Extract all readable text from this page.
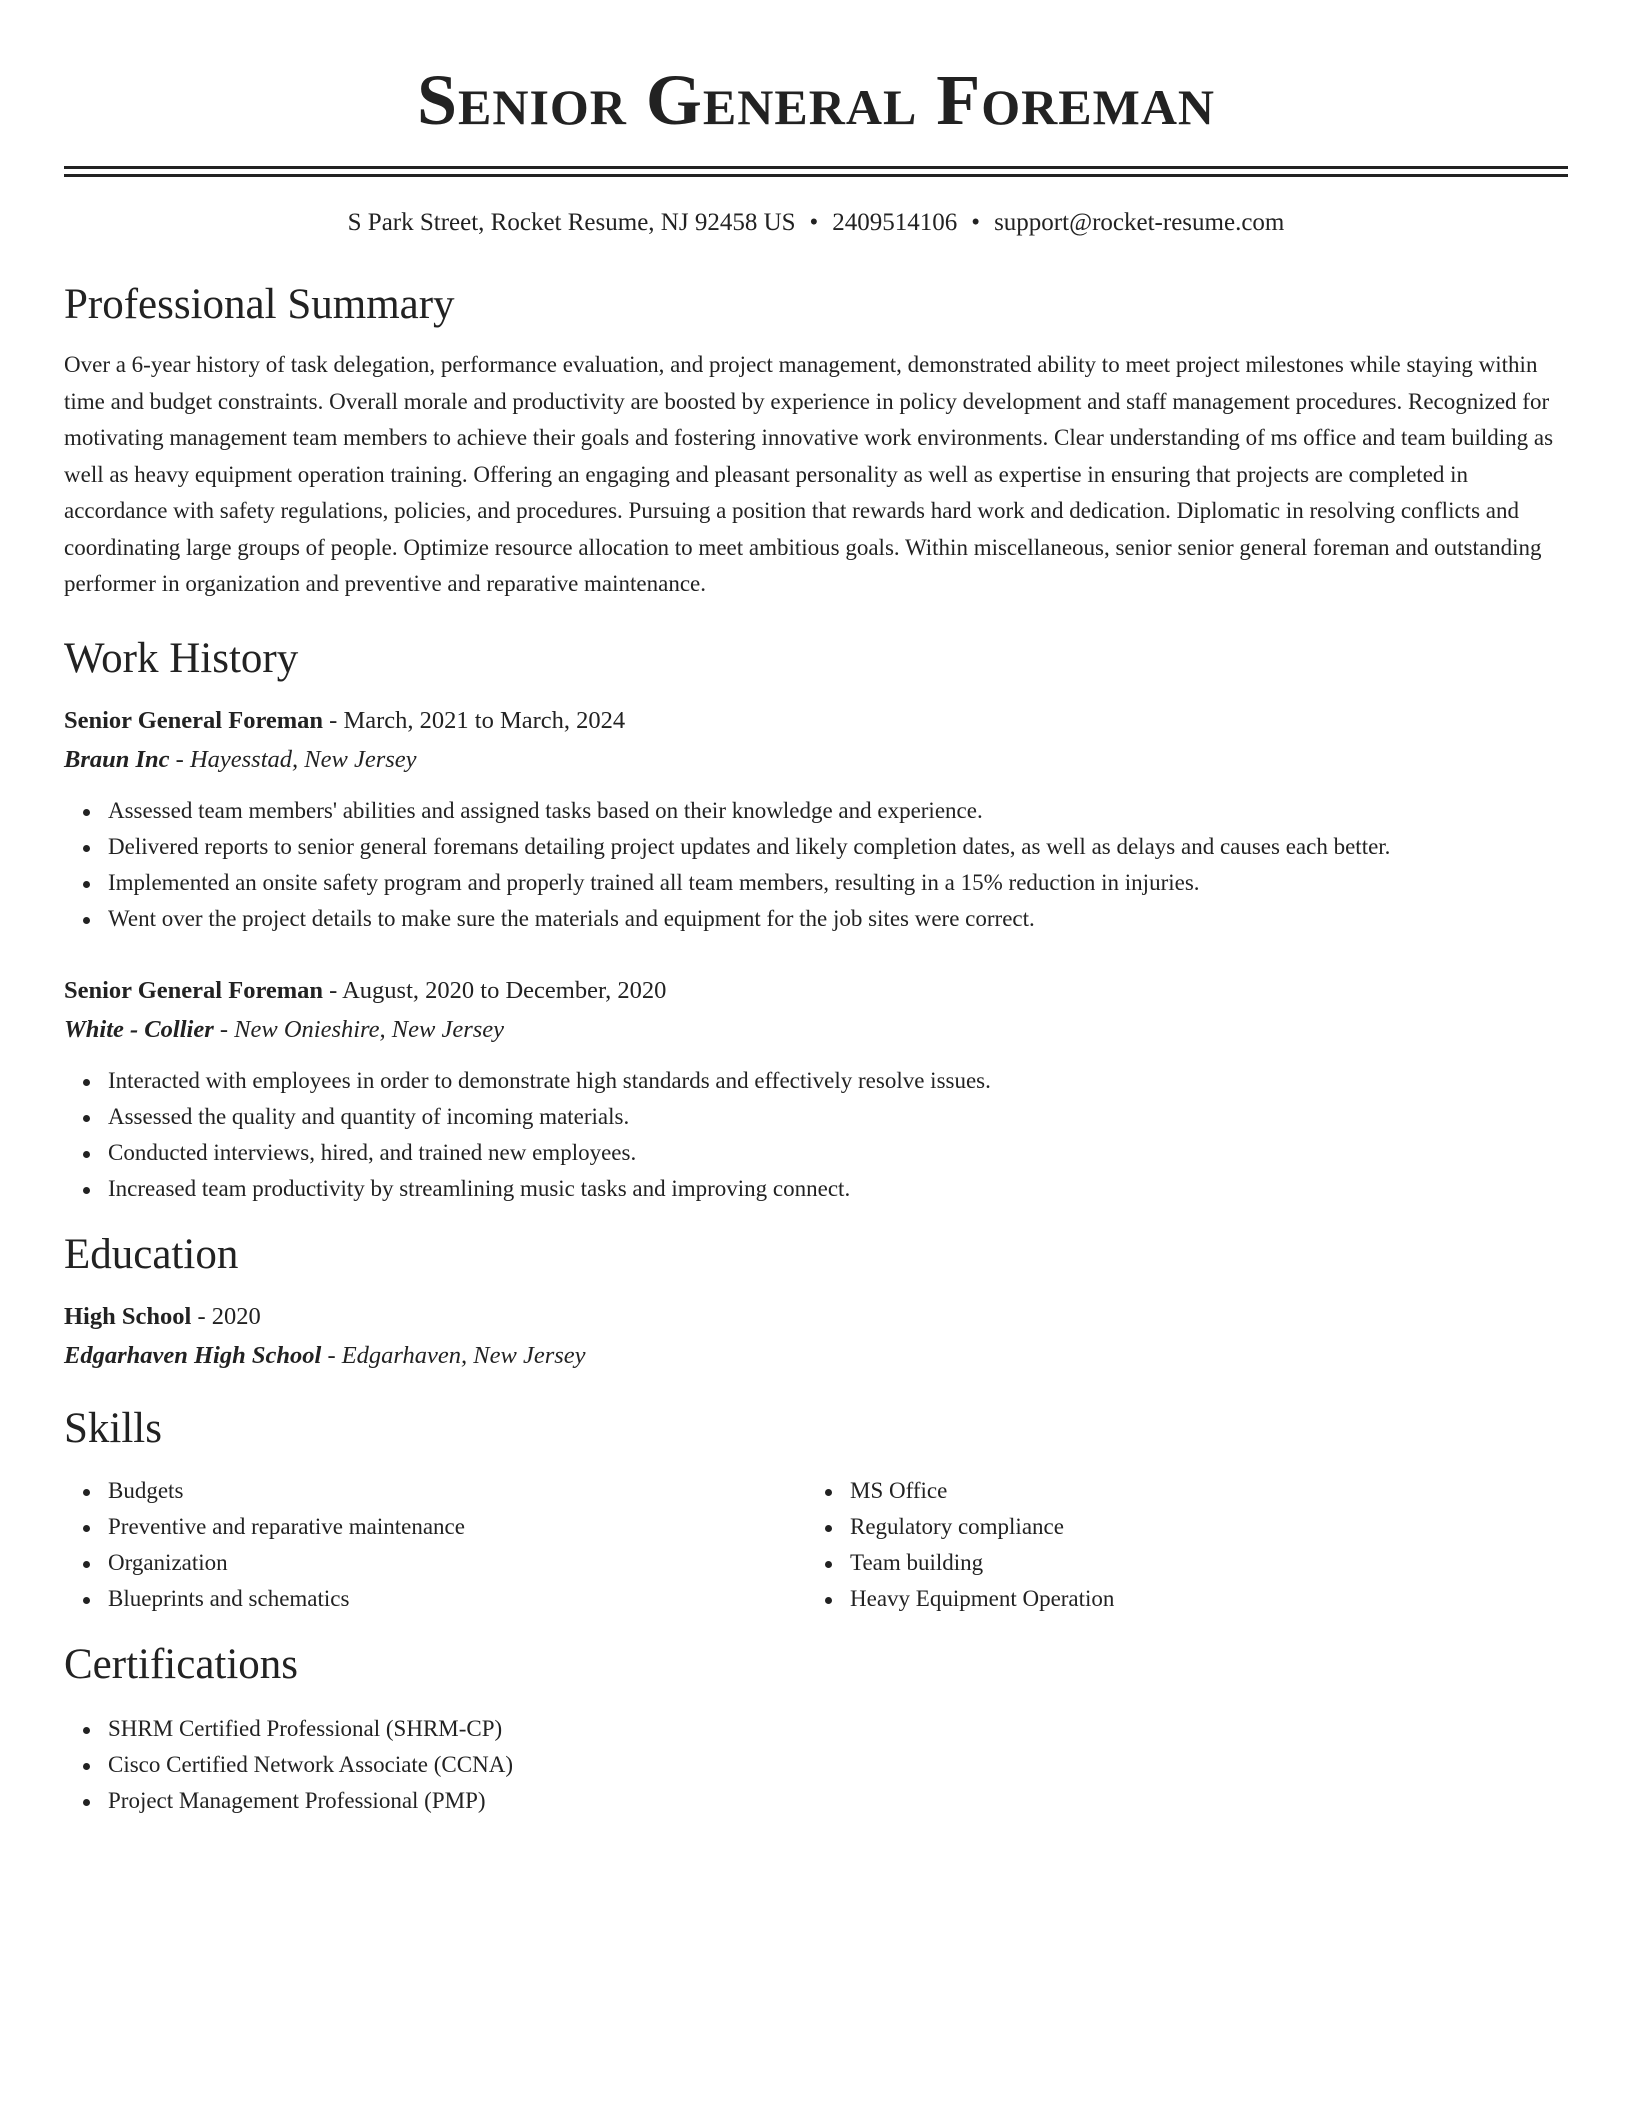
Senior General Foreman
S Park Street, Rocket Resume, NJ 92458 US • 2409514106 • support@rocket-resume.com
Professional Summary

Over a 6-year history of task delegation, performance evaluation, and project management, demonstrated ability to meet project milestones while staying within time and budget constraints. Overall morale and productivity are boosted by experience in policy development and staff management procedures. Recognized for motivating management team members to achieve their goals and fostering innovative work environments. Clear understanding of ms office and team building as well as heavy equipment operation training. Offering an engaging and pleasant personality as well as expertise in ensuring that projects are completed in accordance with safety regulations, policies, and procedures. Pursuing a position that rewards hard work and dedication. Diplomatic in resolving conflicts and coordinating large groups of people. Optimize resource allocation to meet ambitious goals. Within miscellaneous, senior senior general foreman and outstanding performer in organization and preventive and reparative maintenance.

Work History
Senior General Foreman - March, 2021 to March, 2024
Braun Inc - Hayesstad, New Jersey
Assessed team members' abilities and assigned tasks based on their knowledge and experience.
Delivered reports to senior general foremans detailing project updates and likely completion dates, as well as delays and causes each better.
Implemented an onsite safety program and properly trained all team members, resulting in a 15% reduction in injuries.
Went over the project details to make sure the materials and equipment for the job sites were correct.
Senior General Foreman - August, 2020 to December, 2020
White - Collier - New Onieshire, New Jersey
Interacted with employees in order to demonstrate high standards and effectively resolve issues.
Assessed the quality and quantity of incoming materials.
Conducted interviews, hired, and trained new employees.
Increased team productivity by streamlining music tasks and improving connect.
Education
High School - 2020
Edgarhaven High School - Edgarhaven, New Jersey
Skills
Budgets
Preventive and reparative maintenance
Organization
Blueprints and schematics
MS Office
Regulatory compliance
Team building
Heavy Equipment Operation
Certifications
SHRM Certified Professional (SHRM-CP)
Cisco Certified Network Associate (CCNA)
Project Management Professional (PMP)
